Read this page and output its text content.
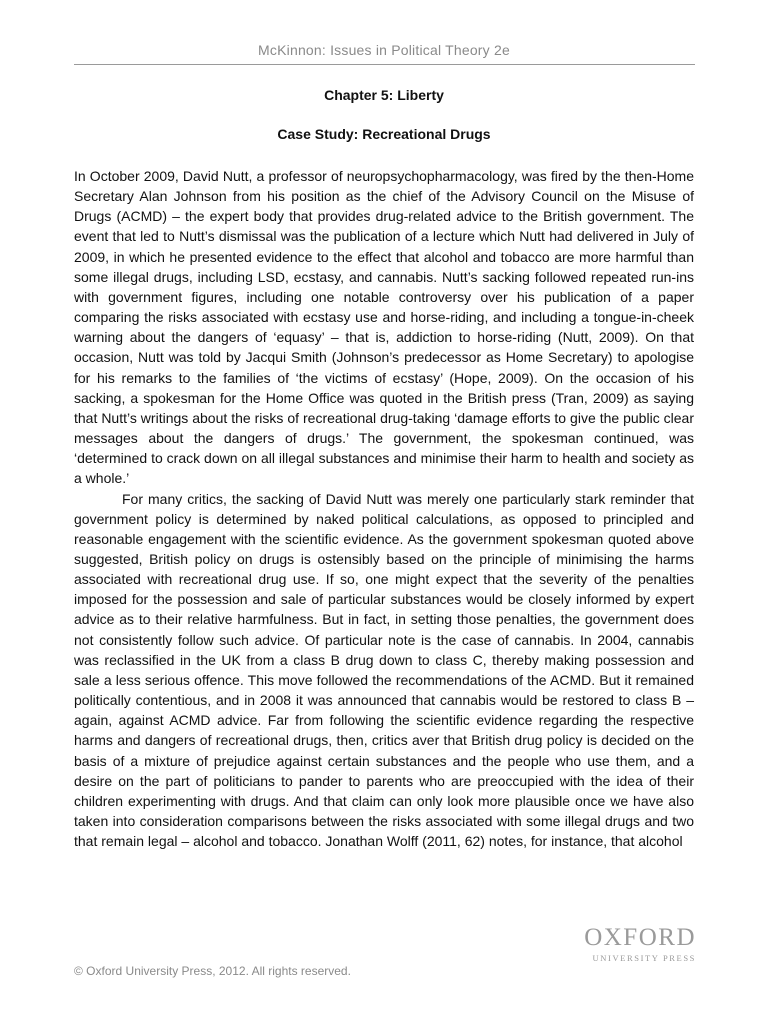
McKinnon: Issues in Political Theory 2e
Chapter 5: Liberty
Case Study: Recreational Drugs

In October 2009, David Nutt, a professor of neuropsychopharmacology, was fired by the then-Home Secretary Alan Johnson from his position as the chief of the Advisory Council on the Misuse of Drugs (ACMD) – the expert body that provides drug-related advice to the British government. The event that led to Nutt’s dismissal was the publication of a lecture which Nutt had delivered in July of 2009, in which he presented evidence to the effect that alcohol and tobacco are more harmful than some illegal drugs, including LSD, ecstasy, and cannabis. Nutt’s sacking followed repeated run-ins with government figures, including one notable controversy over his publication of a paper comparing the risks associated with ecstasy use and horse-riding, and including a tongue-in-cheek warning about the dangers of ‘equasy’ – that is, addiction to horse-riding (Nutt, 2009). On that occasion, Nutt was told by Jacqui Smith (Johnson’s predecessor as Home Secretary) to apologise for his remarks to the families of ‘the victims of ecstasy’ (Hope, 2009). On the occasion of his sacking, a spokesman for the Home Office was quoted in the British press (Tran, 2009) as saying that Nutt’s writings about the risks of recreational drug-taking ‘damage efforts to give the public clear messages about the dangers of drugs.’ The government, the spokesman continued, was ‘determined to crack down on all illegal substances and minimise their harm to health and society as a whole.’

For many critics, the sacking of David Nutt was merely one particularly stark reminder that government policy is determined by naked political calculations, as opposed to principled and reasonable engagement with the scientific evidence. As the government spokesman quoted above suggested, British policy on drugs is ostensibly based on the principle of minimising the harms associated with recreational drug use. If so, one might expect that the severity of the penalties imposed for the possession and sale of particular substances would be closely informed by expert advice as to their relative harmfulness. But in fact, in setting those penalties, the government does not consistently follow such advice. Of particular note is the case of cannabis. In 2004, cannabis was reclassified in the UK from a class B drug down to class C, thereby making possession and sale a less serious offence. This move followed the recommendations of the ACMD. But it remained politically contentious, and in 2008 it was announced that cannabis would be restored to class B – again, against ACMD advice. Far from following the scientific evidence regarding the respective harms and dangers of recreational drugs, then, critics aver that British drug policy is decided on the basis of a mixture of prejudice against certain substances and the people who use them, and a desire on the part of politicians to pander to parents who are preoccupied with the idea of their children experimenting with drugs. And that claim can only look more plausible once we have also taken into consideration comparisons between the risks associated with some illegal drugs and two that remain legal – alcohol and tobacco. Jonathan Wolff (2011, 62) notes, for instance, that alcohol

OXFORD
UNIVERSITY PRESS
© Oxford University Press, 2012. All rights reserved.
